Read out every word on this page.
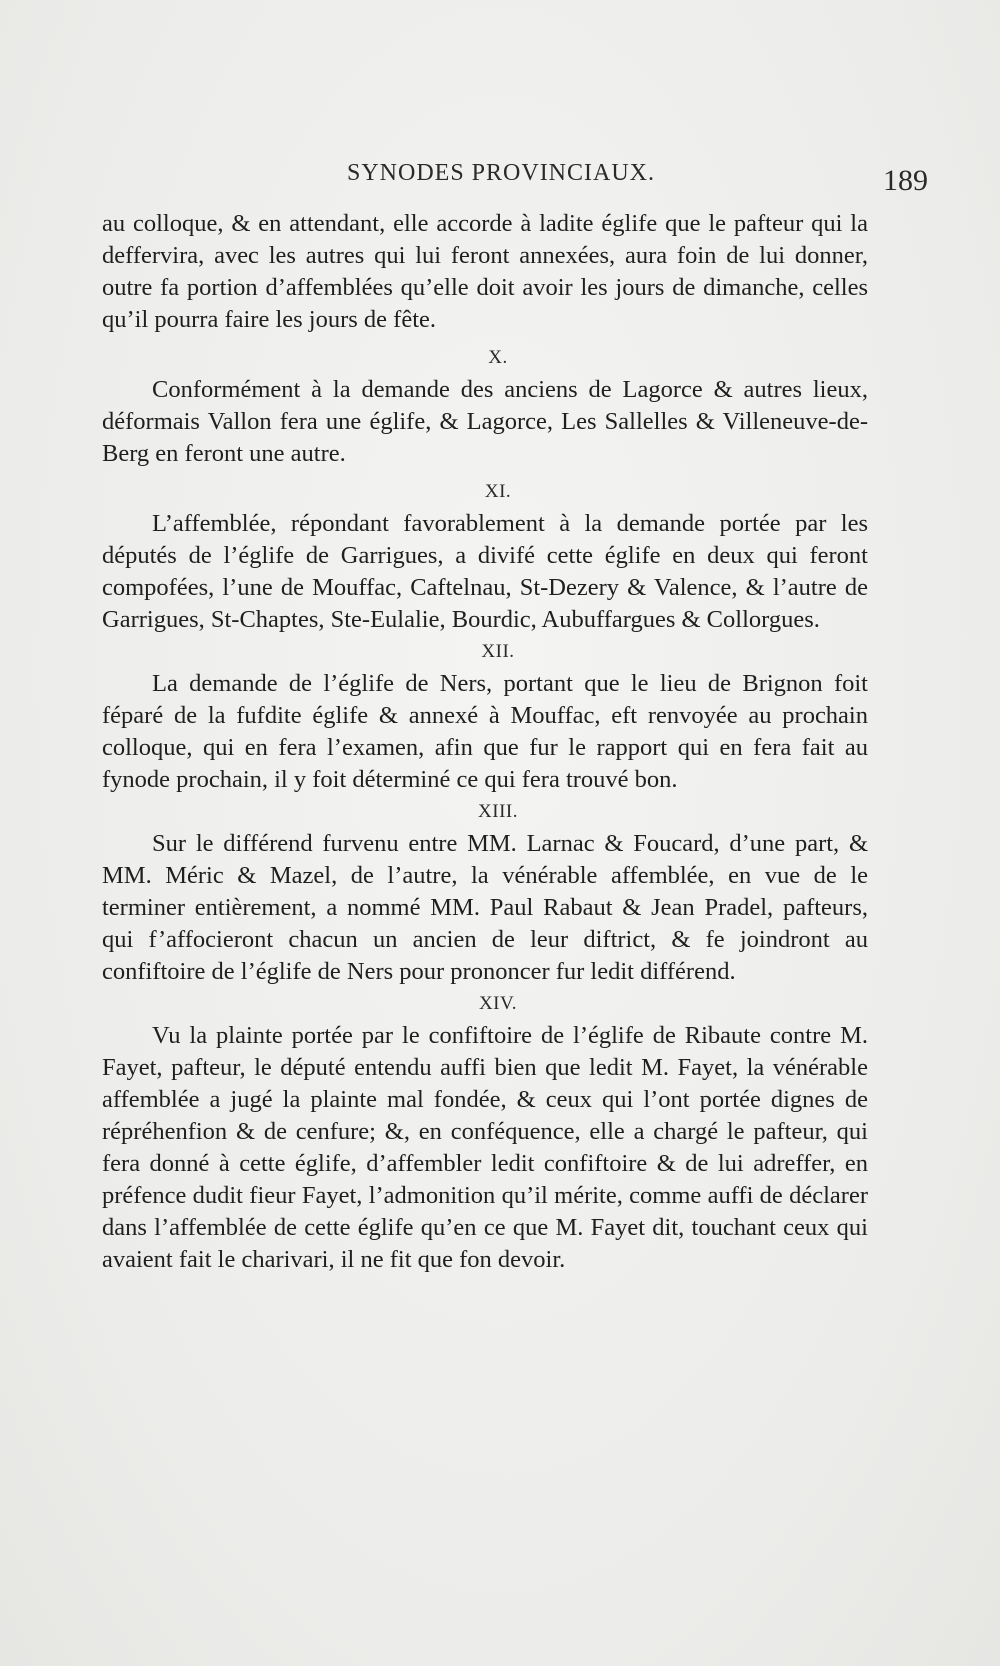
SYNODES PROVINCIAUX.	189

au colloque, & en attendant, elle accorde à ladite églife que le pafteur qui la deffervira, avec les autres qui lui feront annexées, aura foin de lui donner, outre fa portion d’affemblées qu’elle doit avoir les jours de dimanche, celles qu’il pourra faire les jours de fête.

X.

Conformément à la demande des anciens de Lagorce & autres lieux, déformais Vallon fera une églife, & Lagorce, Les Sallelles & Villeneuve-de-Berg en feront une autre.

XI.

L’affemblée, répondant favorablement à la demande portée par les députés de l’églife de Garrigues, a divifé cette églife en deux qui feront compofées, l’une de Mouffac, Caftelnau, St-Dezery & Valence, & l’autre de Garrigues, St-Chaptes, Ste-Eulalie, Bourdic, Aubuffargues & Collorgues.

XII.

La demande de l’églife de Ners, portant que le lieu de Brignon foit féparé de la fufdite églife & annexé à Mouffac, eft renvoyée au prochain colloque, qui en fera l’examen, afin que fur le rapport qui en fera fait au fynode prochain, il y foit déterminé ce qui fera trouvé bon.

XIII.

Sur le différend furvenu entre MM. Larnac & Foucard, d’une part, & MM. Méric & Mazel, de l’autre, la vénérable affemblée, en vue de le terminer entièrement, a nommé MM. Paul Rabaut & Jean Pradel, pafteurs, qui f’affocieront chacun un ancien de leur diftrict, & fe joindront au confiftoire de l’églife de Ners pour prononcer fur ledit différend.

XIV.

Vu la plainte portée par le confiftoire de l’églife de Ribaute contre M. Fayet, pafteur, le député entendu auffi bien que ledit M. Fayet, la vénérable affemblée a jugé la plainte mal fondée, & ceux qui l’ont portée dignes de répréhenfion & de cenfure; &, en conféquence, elle a chargé le pafteur, qui fera donné à cette églife, d’affembler ledit confiftoire & de lui adreffer, en préfence dudit fieur Fayet, l’admonition qu’il mérite, comme auffi de déclarer dans l’affemblée de cette églife qu’en ce que M. Fayet dit, touchant ceux qui avaient fait le charivari, il ne fit que fon devoir.
